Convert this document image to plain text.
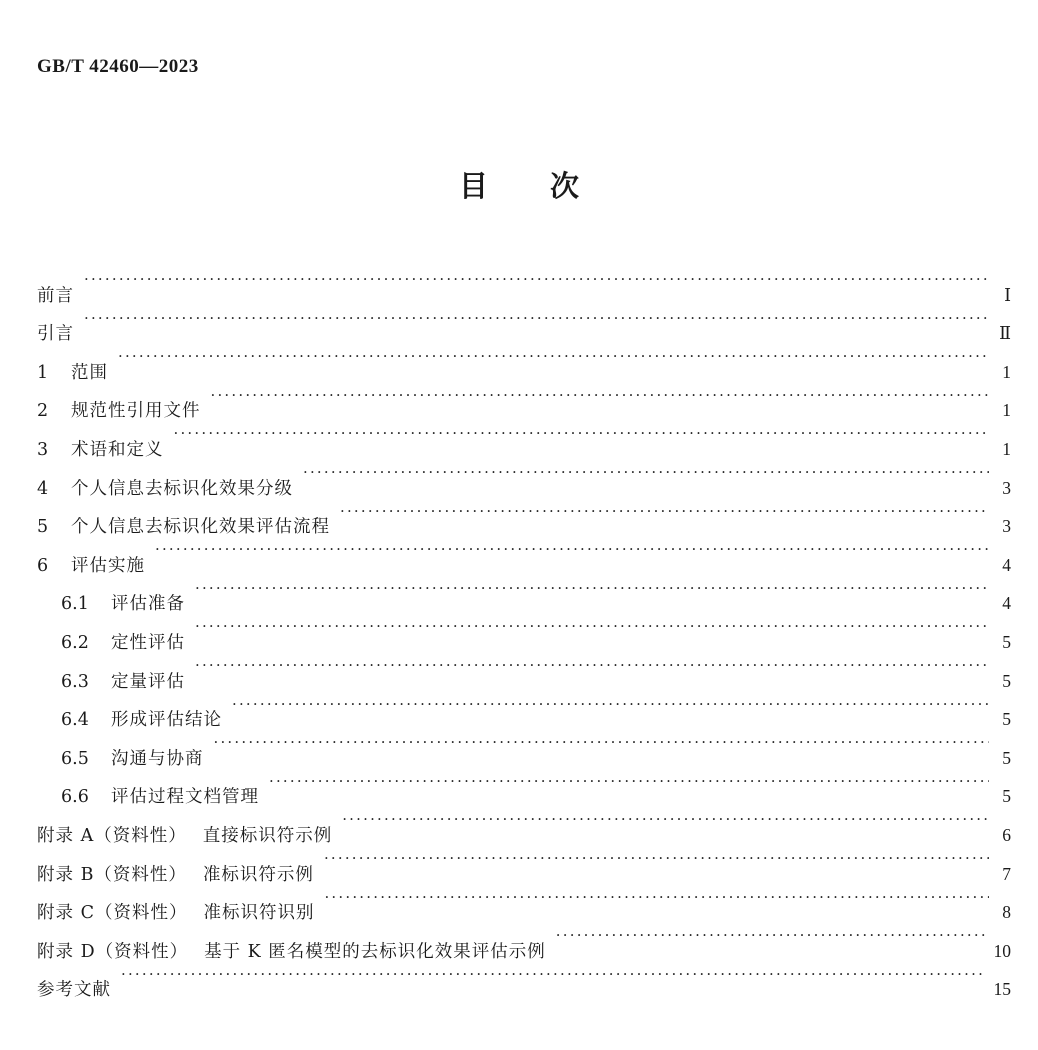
GB/T 42460—2023
目次
前言 ·····	Ⅰ
引言 ·····	Ⅱ
1	范围 ·····	1
2	规范性引用文件 ·····	1
3	术语和定义 ·····	1
4	个人信息去标识化效果分级 ·····	3
5	个人信息去标识化效果评估流程 ·····	3
6	评估实施 ·····	4
6.1	评估准备 ·····	4
6.2	定性评估 ·····	5
6.3	定量评估 ·····	5
6.4	形成评估结论 ·····	5
6.5	沟通与协商 ·····	5
6.6	评估过程文档管理 ·····	5
附录 A（资料性） 直接标识符示例 ·····	6
附录 B（资料性） 准标识符示例 ·····	7
附录 C（资料性） 准标识符识别 ·····	8
附录 D（资料性） 基于 K 匿名模型的去标识化效果评估示例 ·····	10
参考文献 ·····	15
